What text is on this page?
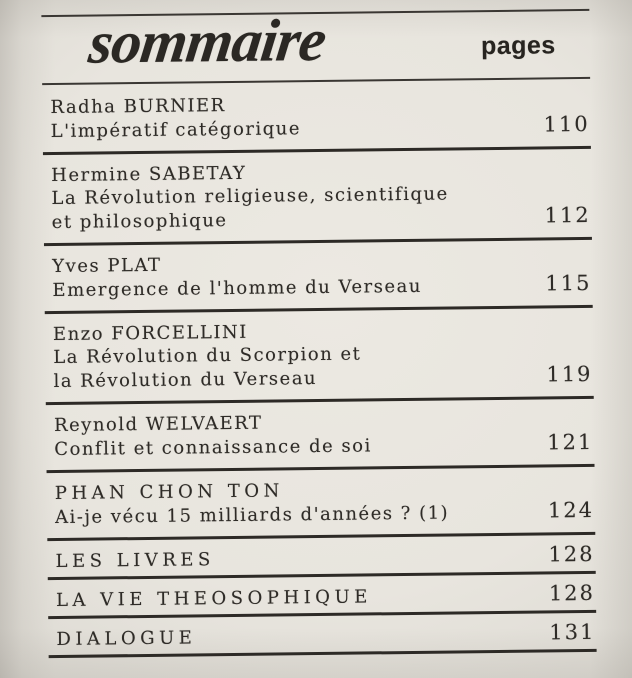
sommaire	pages
Radha BURNIER
L'impératif catégorique	110
Hermine SABETAY
La Révolution religieuse, scientifique
et philosophique	112
Yves PLAT
Emergence de l'homme du Verseau	115
Enzo FORCELLINI
La Révolution du Scorpion et
la Révolution du Verseau	119
Reynold WELVAERT
Conflit et connaissance de soi	121
PHAN CHON TON
Ai-je vécu 15 milliards d'années ? (1)	124
LES LIVRES	128
LA VIE THEOSOPHIQUE	128
DIALOGUE	131
